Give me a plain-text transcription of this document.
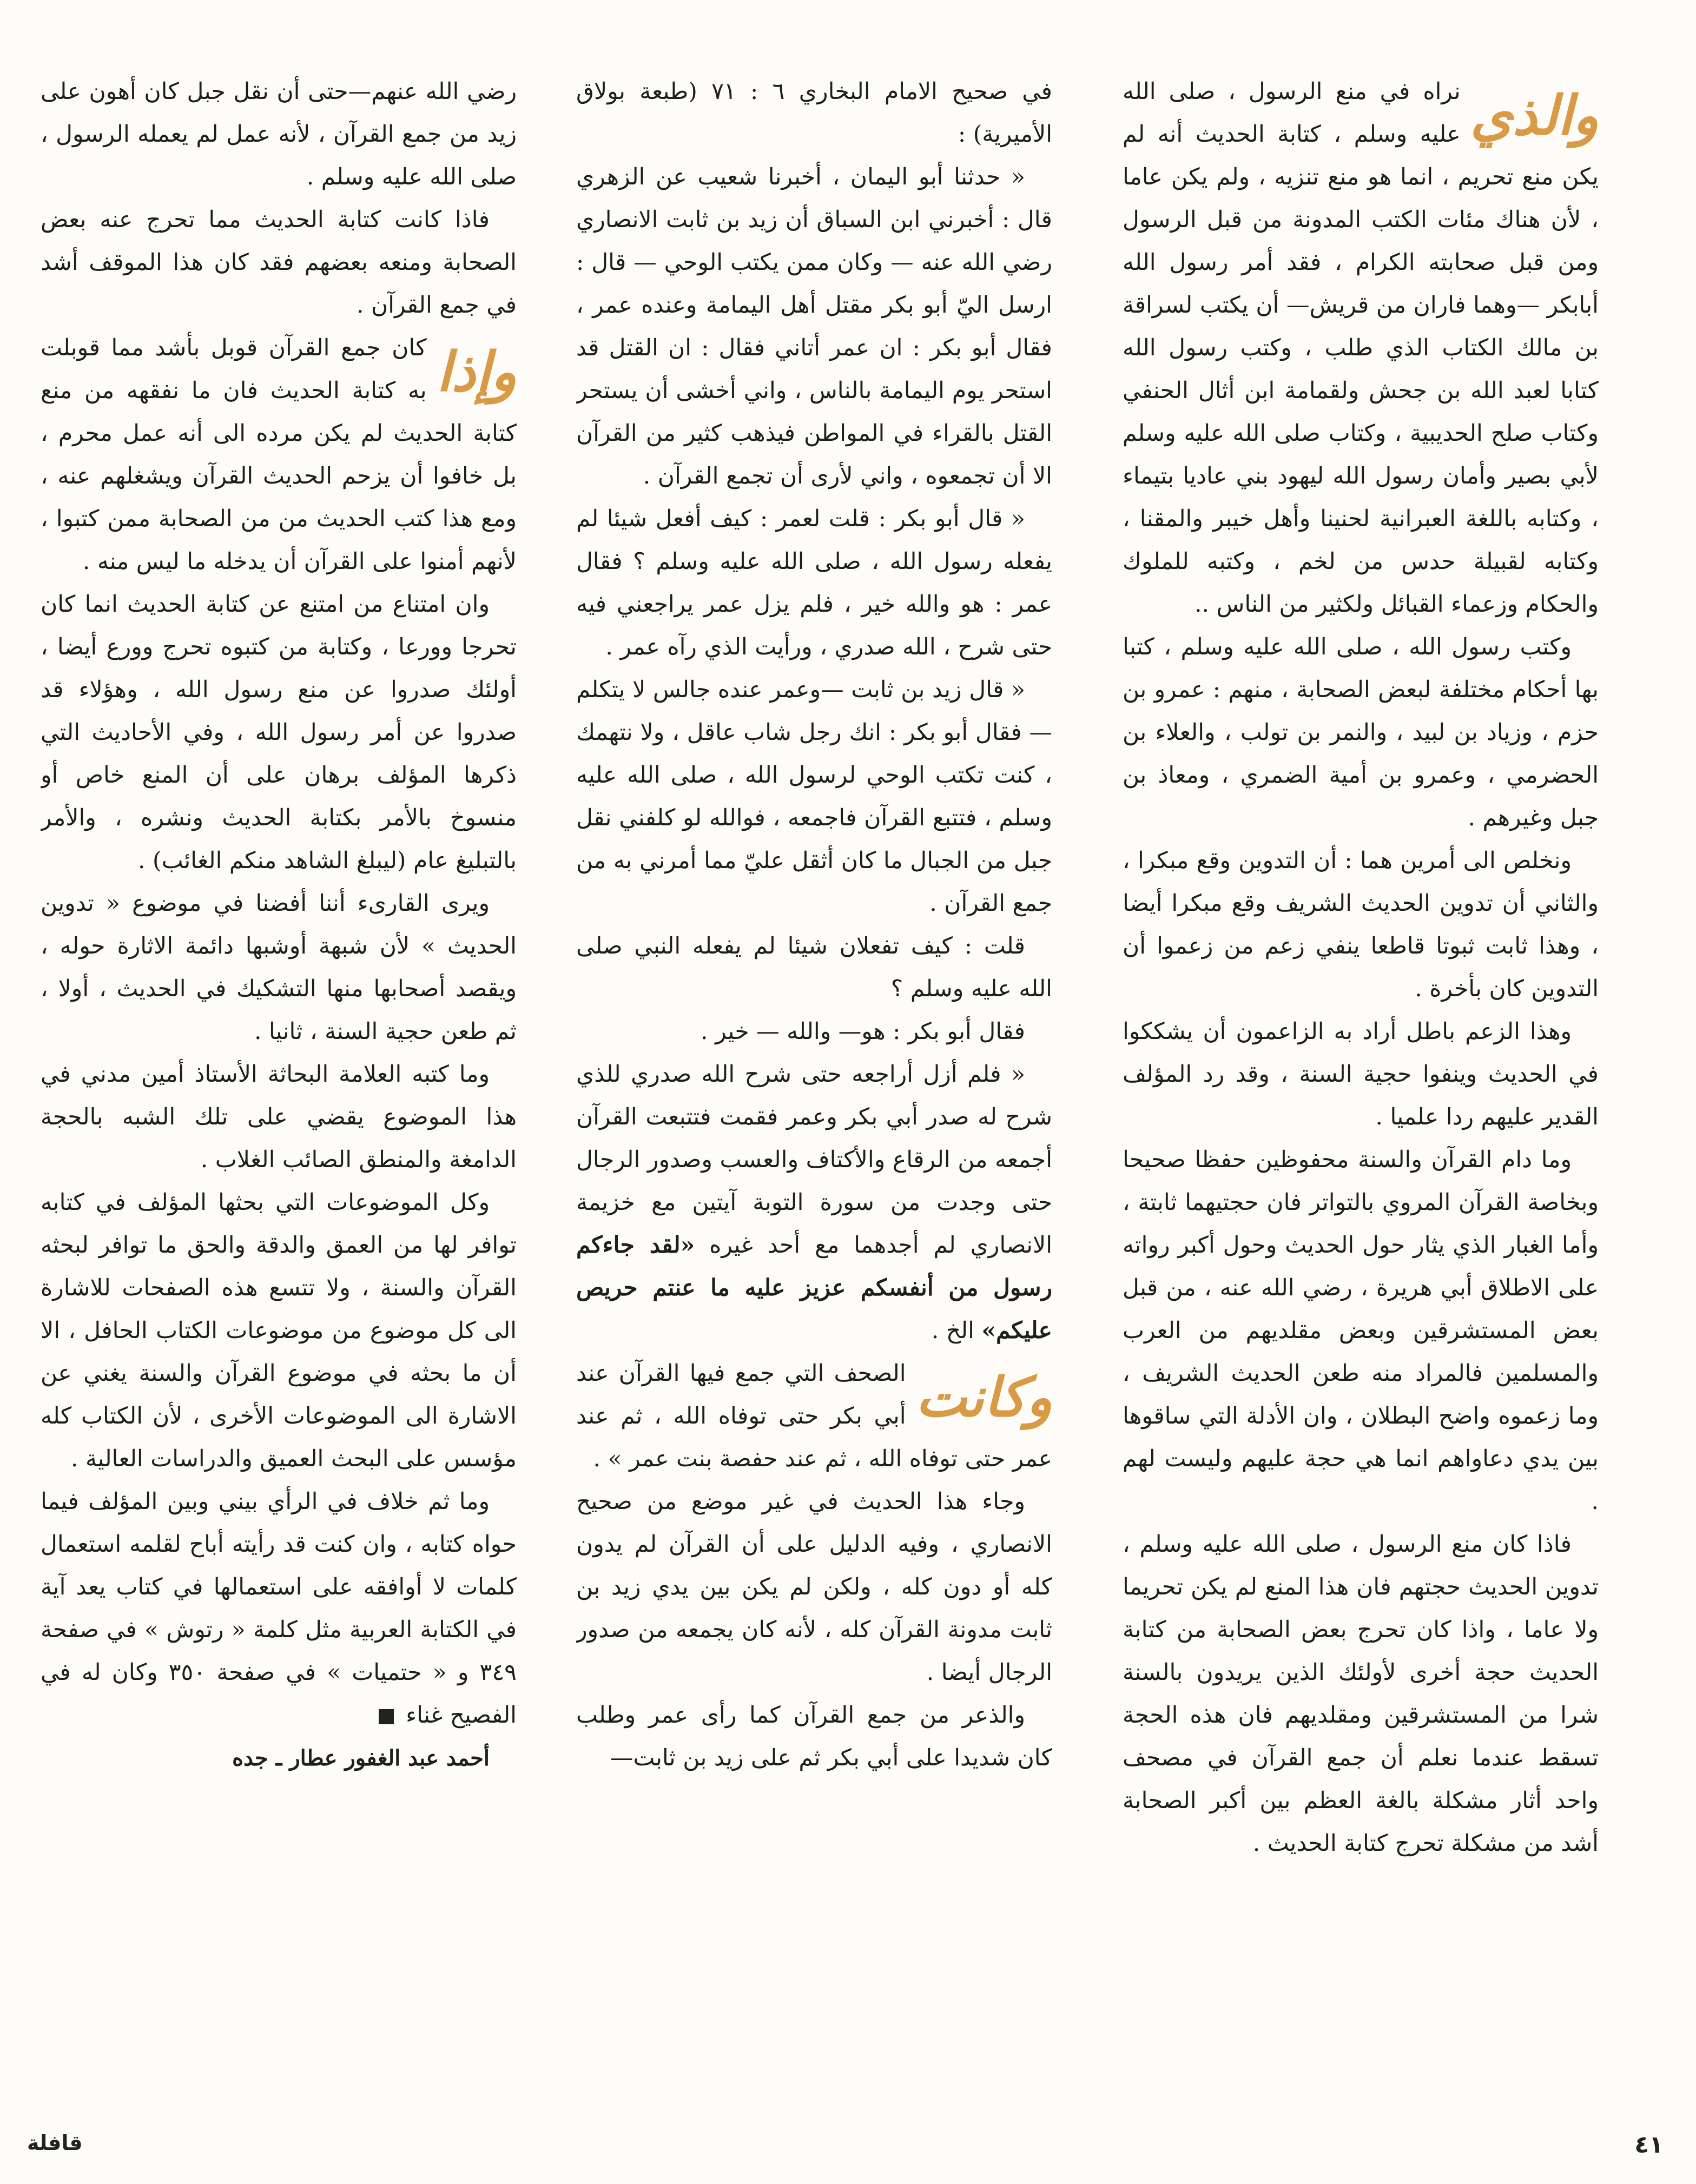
والذي

نراه في منع الرسول ، صلى الله عليه وسلم ، كتابة الحديث أنه لم يكن منع تحريم ، انما هو منع تنزيه ، ولم يكن عاما ، لأن هناك مئات الكتب المدونة من قبل الرسول ومن قبل صحابته الكرام ، فقد أمر رسول الله أبابكر —وهما فاران من قريش— أن يكتب لسراقة بن مالك الكتاب الذي طلب ، وكتب رسول الله كتابا لعبد الله بن جحش ولقمامة ابن أثال الحنفي وكتاب صلح الحديبية ، وكتاب صلى الله عليه وسلم لأبي بصير وأمان رسول الله ليهود بني عاديا بتيماء ، وكتابه باللغة العبرانية لحنينا وأهل خيبر والمقنا ، وكتابه لقبيلة حدس من لخم ، وكتبه للملوك والحكام وزعماء القبائل ولكثير من الناس ..

وكتب رسول الله ، صلى الله عليه وسلم ، كتبا بها أحكام مختلفة لبعض الصحابة ، منهم : عمرو بن حزم ، وزياد بن لبيد ، والنمر بن تولب ، والعلاء بن الحضرمي ، وعمرو بن أمية الضمري ، ومعاذ بن جبل وغيرهم .

ونخلص الى أمرين هما : أن التدوين وقع مبكرا ، والثاني أن تدوين الحديث الشريف وقع مبكرا أيضا ، وهذا ثابت ثبوتا قاطعا ينفي زعم من زعموا أن التدوين كان بأخرة .

وهذا الزعم باطل أراد به الزاعمون أن يشككوا في الحديث وينفوا حجية السنة ، وقد رد المؤلف القدير عليهم ردا علميا .

وما دام القرآن والسنة محفوظين حفظا صحيحا وبخاصة القرآن المروي بالتواتر فان حجتيهما ثابتة ، وأما الغبار الذي يثار حول الحديث وحول أكبر رواته على الاطلاق أبي هريرة ، رضي الله عنه ، من قبل بعض المستشرقين وبعض مقلديهم من العرب والمسلمين فالمراد منه طعن الحديث الشريف ، وما زعموه واضح البطلان ، وان الأدلة التي ساقوها بين يدي دعاواهم انما هي حجة عليهم وليست لهم .

فاذا كان منع الرسول ، صلى الله عليه وسلم ، تدوين الحديث حجتهم فان هذا المنع لم يكن تحريما ولا عاما ، واذا كان تحرج بعض الصحابة من كتابة الحديث حجة أخرى لأولئك الذين يريدون بالسنة شرا من المستشرقين ومقلديهم فان هذه الحجة تسقط عندما نعلم أن جمع القرآن في مصحف واحد أثار مشكلة بالغة العظم بين أكبر الصحابة أشد من مشكلة تحرج كتابة الحديث .

في صحيح الامام البخاري ٦ : ٧١ (طبعة بولاق الأميرية) :

« حدثنا أبو اليمان ، أخبرنا شعيب عن الزهري قال : أخبرني ابن السباق أن زيد بن ثابت الانصاري رضي الله عنه — وكان ممن يكتب الوحي — قال : ارسل اليّ أبو بكر مقتل أهل اليمامة وعنده عمر ، فقال أبو بكر : ان عمر أتاني فقال : ان القتل قد استحر يوم اليمامة بالناس ، واني أخشى أن يستحر القتل بالقراء في المواطن فيذهب كثير من القرآن الا أن تجمعوه ، واني لأرى أن تجمع القرآن .

« قال أبو بكر : قلت لعمر : كيف أفعل شيئا لم يفعله رسول الله ، صلى الله عليه وسلم ؟ فقال عمر : هو والله خير ، فلم يزل عمر يراجعني فيه حتى شرح ، الله صدري ، ورأيت الذي رآه عمر .

« قال زيد بن ثابت —وعمر عنده جالس لا يتكلم— فقال أبو بكر : انك رجل شاب عاقل ، ولا نتهمك ، كنت تكتب الوحي لرسول الله ، صلى الله عليه وسلم ، فتتبع القرآن فاجمعه ، فوالله لو كلفني نقل جبل من الجبال ما كان أثقل عليّ مما أمرني به من جمع القرآن .

قلت : كيف تفعلان شيئا لم يفعله النبي صلى الله عليه وسلم ؟

فقال أبو بكر : هو— والله — خير .

« فلم أزل أراجعه حتى شرح الله صدري للذي شرح له صدر أبي بكر وعمر فقمت فتتبعت القرآن أجمعه من الرقاع والأكتاف والعسب وصدور الرجال حتى وجدت من سورة التوبة آيتين مع خزيمة الانصاري لم أجدهما مع أحد غيره «لقد جاءكم رسول من أنفسكم عزيز عليه ما عنتم حريص عليكم» الخ .

وكانت

الصحف التي جمع فيها القرآن عند أبي بكر حتى توفاه الله ، ثم عند عمر حتى توفاه الله ، ثم عند حفصة بنت عمر » .

وجاء هذا الحديث في غير موضع من صحيح الانصاري ، وفيه الدليل على أن القرآن لم يدون كله أو دون كله ، ولكن لم يكن بين يدي زيد بن ثابت مدونة القرآن كله ، لأنه كان يجمعه من صدور الرجال أيضا .

والذعر من جمع القرآن كما رأى عمر وطلب كان شديدا على أبي بكر ثم على زيد بن ثابت—

رضي الله عنهم—حتى أن نقل جبل كان أهون على زيد من جمع القرآن ، لأنه عمل لم يعمله الرسول ، صلى الله عليه وسلم .

فاذا كانت كتابة الحديث مما تحرج عنه بعض الصحابة ومنعه بعضهم فقد كان هذا الموقف أشد في جمع القرآن .

وإذا

كان جمع القرآن قوبل بأشد مما قوبلت به كتابة الحديث فان ما نفقهه من منع كتابة الحديث لم يكن مرده الى أنه عمل محرم ، بل خافوا أن يزحم الحديث القرآن ويشغلهم عنه ، ومع هذا كتب الحديث من من الصحابة ممن كتبوا ، لأنهم أمنوا على القرآن أن يدخله ما ليس منه .

وان امتناع من امتنع عن كتابة الحديث انما كان تحرجا وورعا ، وكتابة من كتبوه تحرج وورع أيضا ، أولئك صدروا عن منع رسول الله ، وهؤلاء قد صدروا عن أمر رسول الله ، وفي الأحاديث التي ذكرها المؤلف برهان على أن المنع خاص أو منسوخ بالأمر بكتابة الحديث ونشره ، والأمر بالتبليغ عام (ليبلغ الشاهد منكم الغائب) .

ويرى القارىء أننا أفضنا في موضوع « تدوين الحديث » لأن شبهة أوشبها دائمة الاثارة حوله ، ويقصد أصحابها منها التشكيك في الحديث ، أولا ، ثم طعن حجية السنة ، ثانيا .

وما كتبه العلامة البحاثة الأستاذ أمين مدني في هذا الموضوع يقضي على تلك الشبه بالحجة الدامغة والمنطق الصائب الغلاب .

وكل الموضوعات التي بحثها المؤلف في كتابه توافر لها من العمق والدقة والحق ما توافر لبحثه القرآن والسنة ، ولا تتسع هذه الصفحات للاشارة الى كل موضوع من موضوعات الكتاب الحافل ، الا أن ما بحثه في موضوع القرآن والسنة يغني عن الاشارة الى الموضوعات الأخرى ، لأن الكتاب كله مؤسس على البحث العميق والدراسات العالية .

وما ثم خلاف في الرأي بيني وبين المؤلف فيما حواه كتابه ، وان كنت قد رأيته أباح لقلمه استعمال كلمات لا أوافقه على استعمالها في كتاب يعد آية في الكتابة العربية مثل كلمة « رتوش » في صفحة ٣٤٩ و « حتميات » في صفحة ٣٥٠ وكان له في الفصيح غناء

أحمد عبد الغفور عطار ـ جده

٤١
قافلة
